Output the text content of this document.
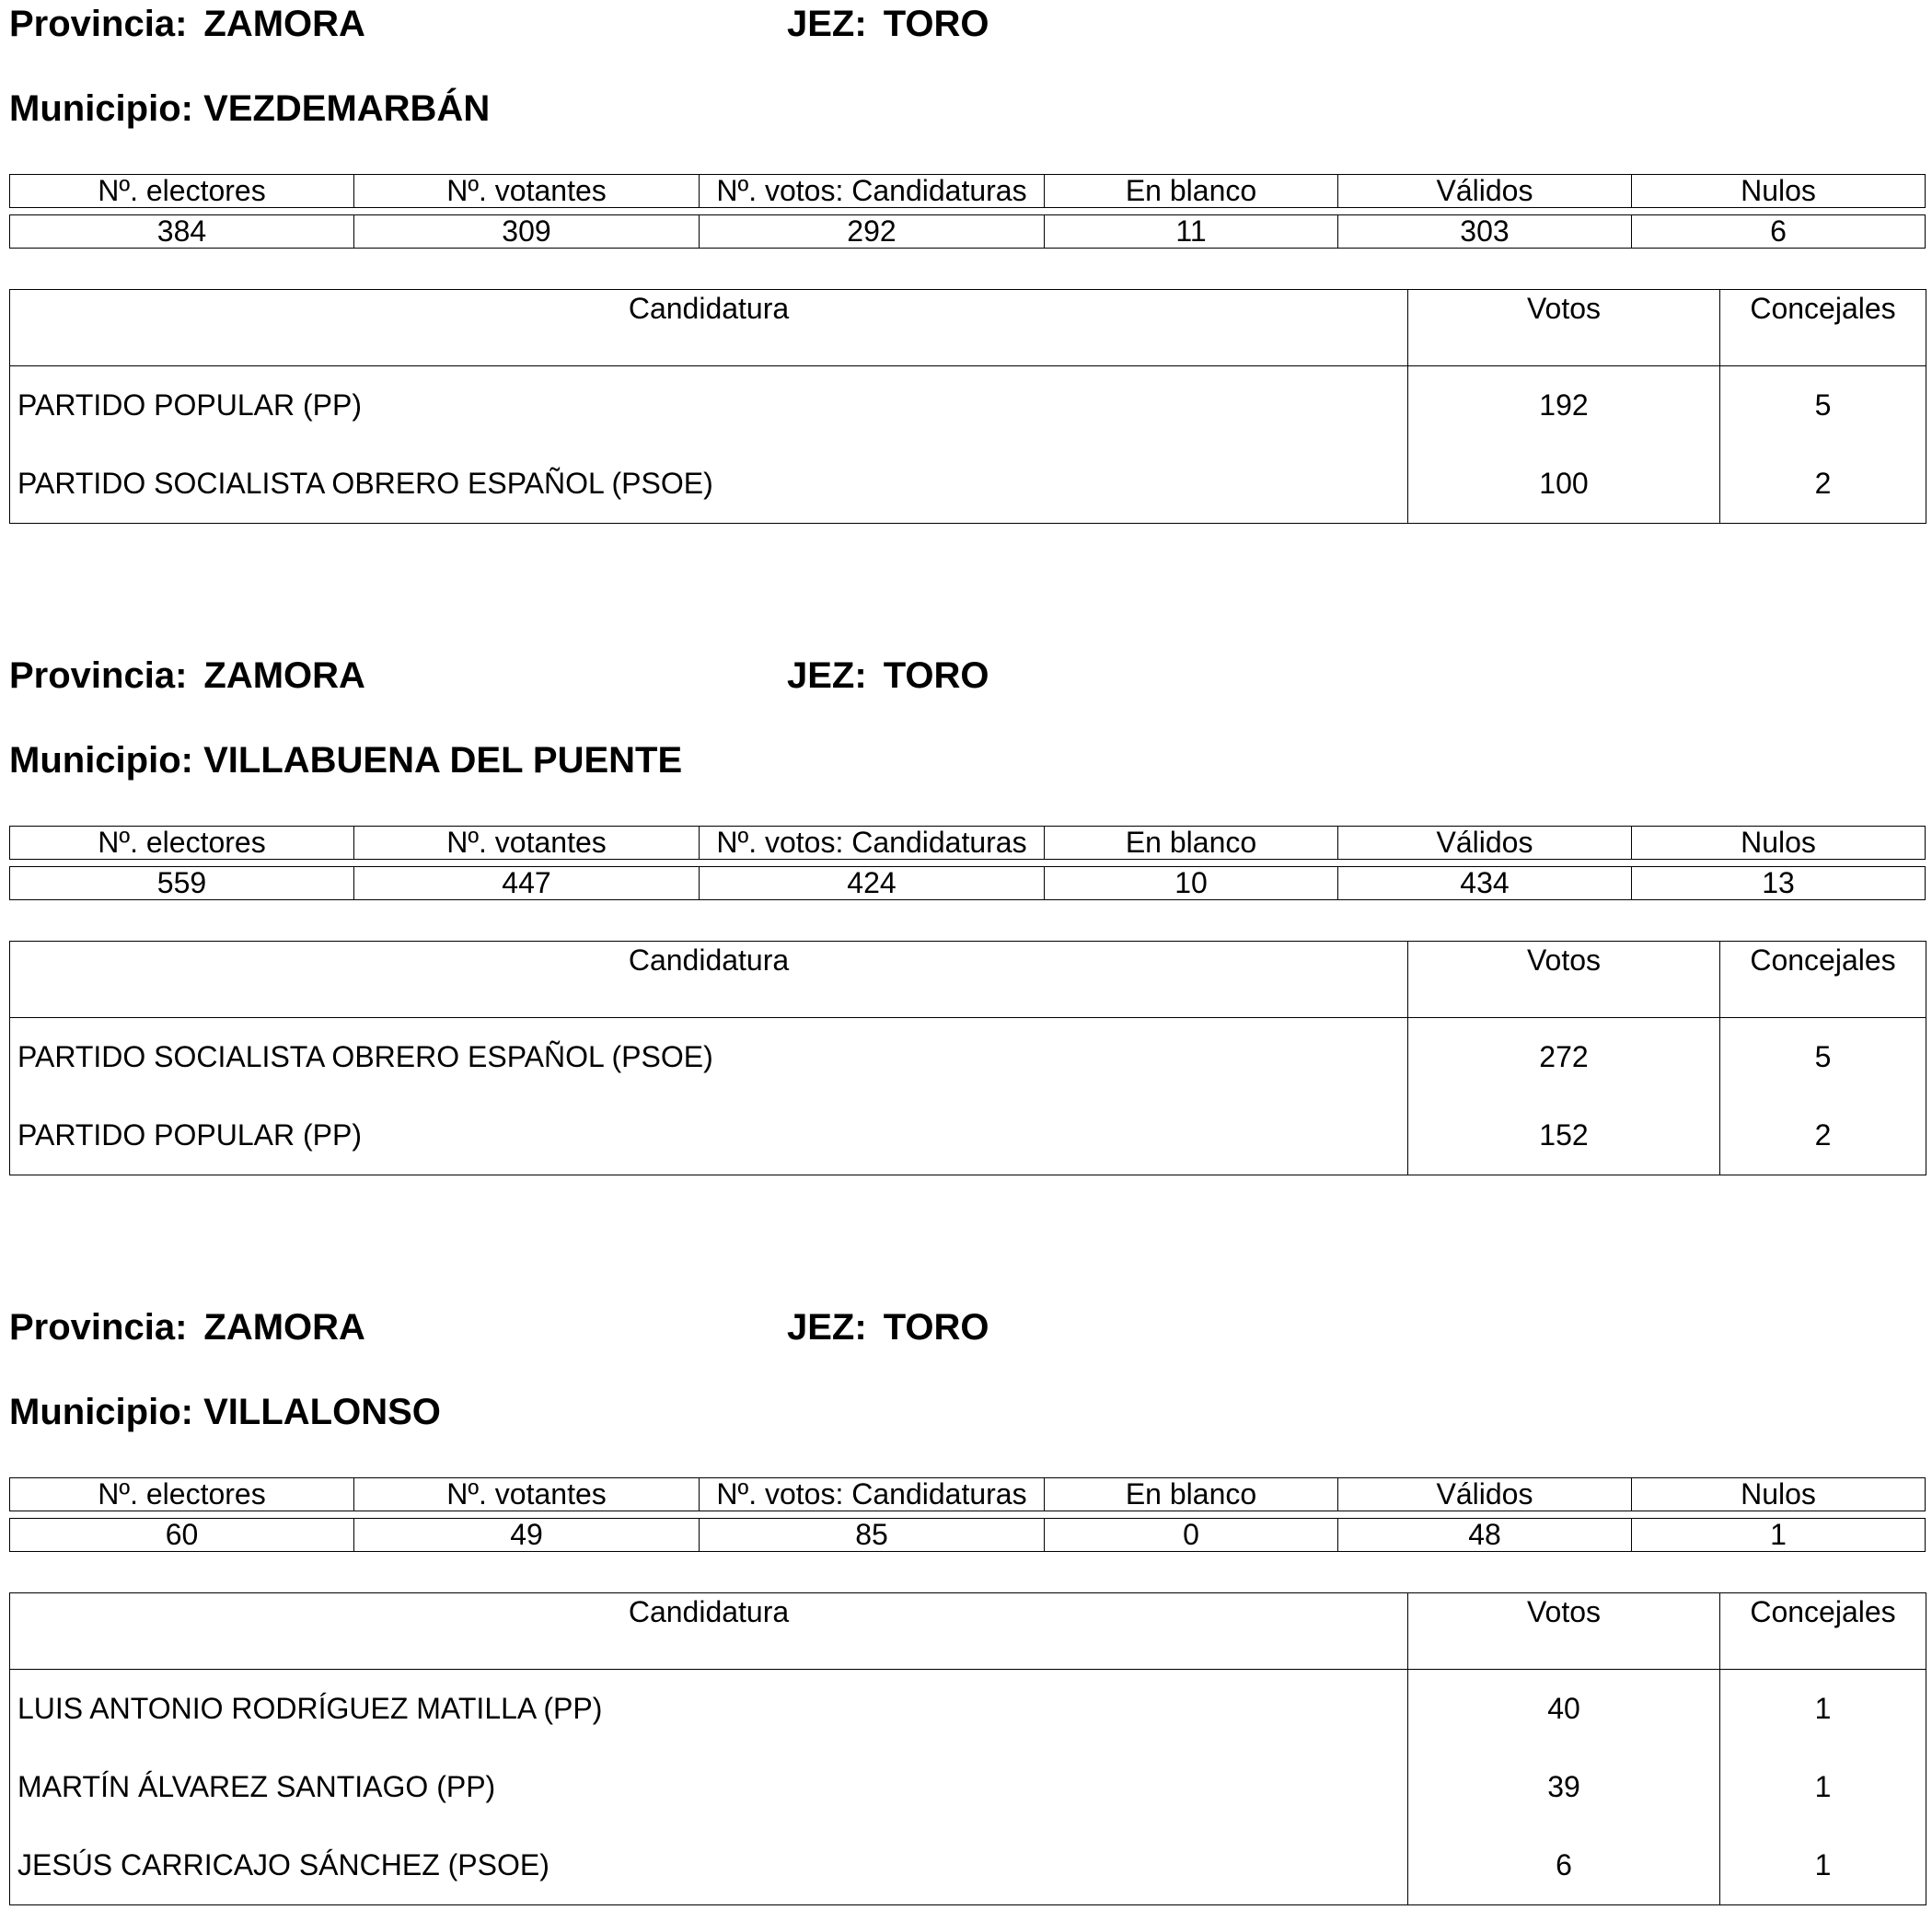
Provincia: ZAMORA	JEZ: TORO
Municipio: VEZDEMARBÁN
Nº. electores	Nº. votantes	Nº. votos: Candidaturas	En blanco	Válidos	Nulos
384	309	292	11	303	6
Candidatura	Votos	Concejales
PARTIDO POPULAR (PP)	192	5
PARTIDO SOCIALISTA OBRERO ESPAÑOL (PSOE)	100	2
Provincia: ZAMORA	JEZ: TORO
Municipio: VILLABUENA DEL PUENTE
Nº. electores	Nº. votantes	Nº. votos: Candidaturas	En blanco	Válidos	Nulos
559	447	424	10	434	13
Candidatura	Votos	Concejales
PARTIDO SOCIALISTA OBRERO ESPAÑOL (PSOE)	272	5
PARTIDO POPULAR (PP)	152	2
Provincia: ZAMORA	JEZ: TORO
Municipio: VILLALONSO
Nº. electores	Nº. votantes	Nº. votos: Candidaturas	En blanco	Válidos	Nulos
60	49	85	0	48	1
Candidatura	Votos	Concejales
LUIS ANTONIO RODRÍGUEZ MATILLA (PP)	40	1
MARTÍN ÁLVAREZ SANTIAGO (PP)	39	1
JESÚS CARRICAJO SÁNCHEZ (PSOE)	6	1
